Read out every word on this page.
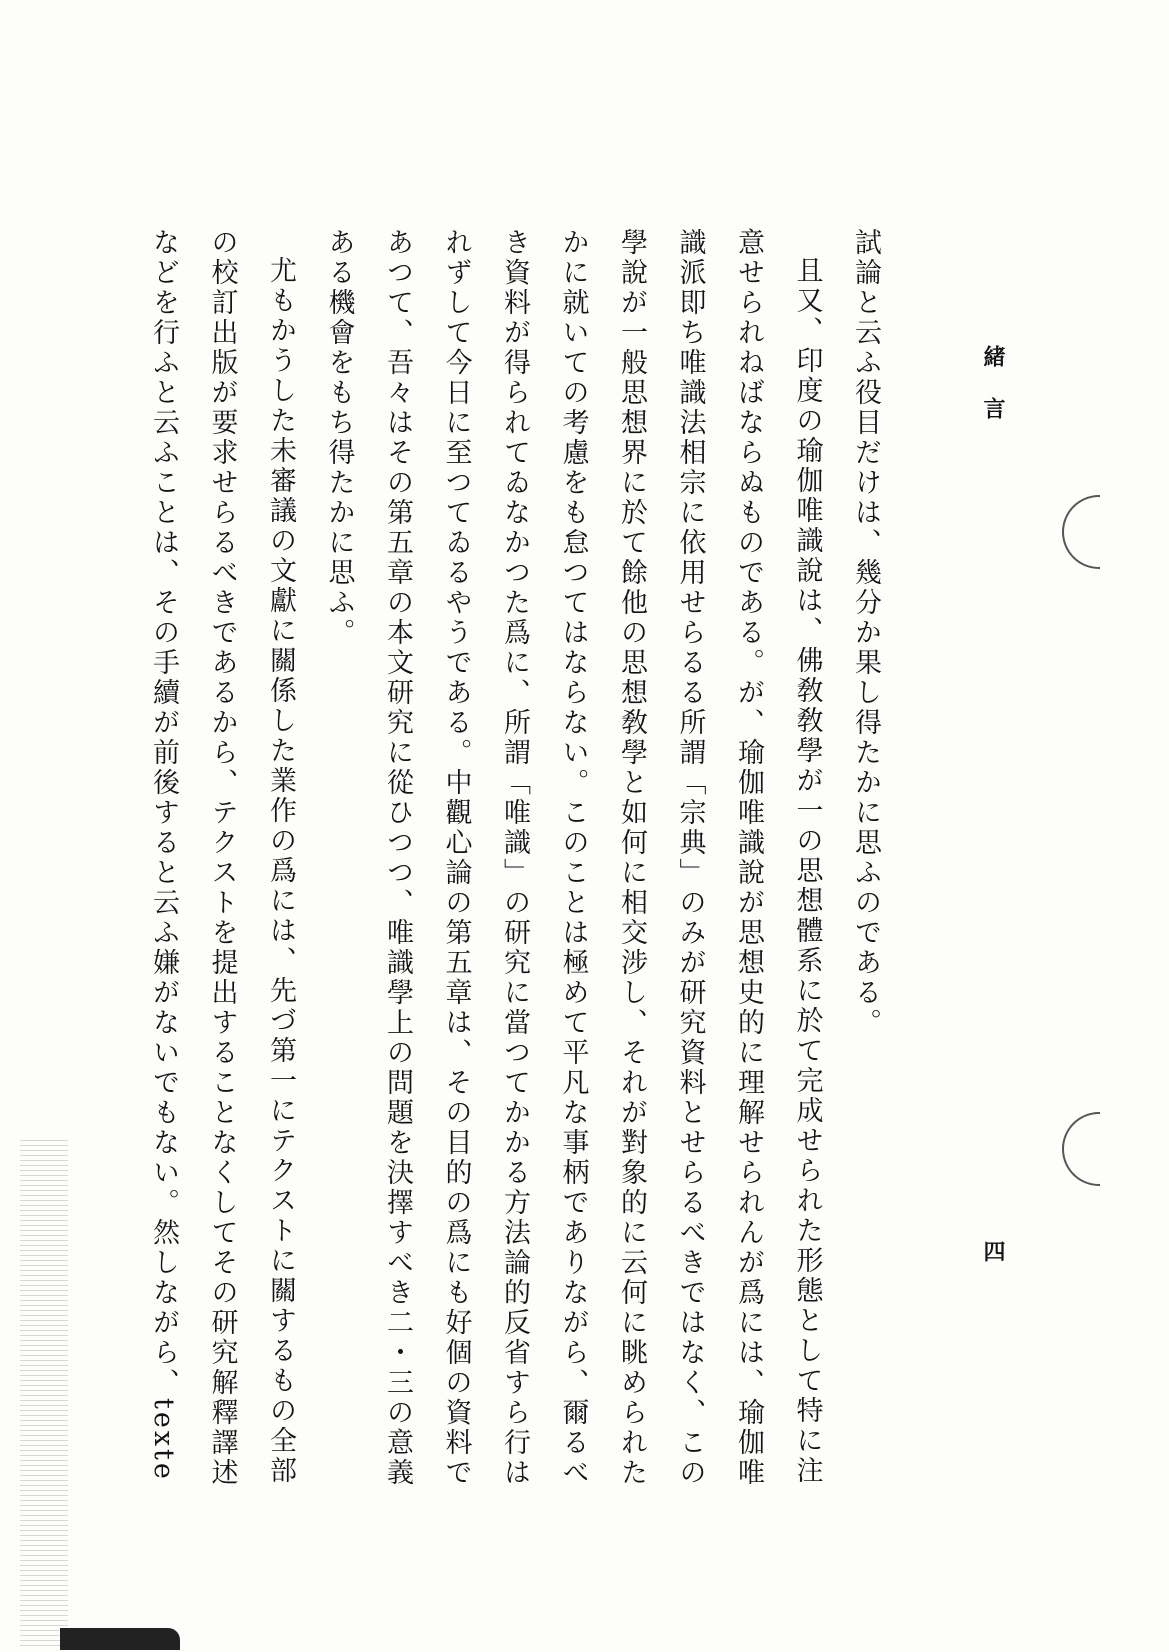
緒言
四
試論と云ふ役目だけは、幾分か果し得たかに思ふのである。
且又、印度の瑜伽唯識說は、佛敎敎學が一の思想體系に於て完成せられた形態として特に注
意せられねばならぬものである。が、瑜伽唯識說が思想史的に理解せられんが爲には、瑜伽唯
識派即ち唯識法相宗に依用せらるる所謂「宗典」のみが研究資料とせらるべきではなく、この
學說が一般思想界に於て餘他の思想敎學と如何に相交涉し、それが對象的に云何に眺められた
かに就いての考慮をも怠つてはならない。このことは極めて平凡な事柄でありながら、爾るべ
き資料が得られてゐなかつた爲に、所謂「唯識」の研究に當つてかかる方法論的反省すら行は
れずして今日に至つてゐるやうである。中觀心論の第五章は、その目的の爲にも好個の資料で
あつて、吾々はその第五章の本文研究に從ひつつ、唯識學上の問題を決擇すべき二・三の意義
ある機會をもち得たかに思ふ。
尤もかうした未審議の文獻に關係した業作の爲には、先づ第一にテクストに關するもの全部
の校訂出版が要求せらるべきであるから、テクストを提出することなくしてその研究解釋譯述
などを行ふと云ふことは、その手續が前後すると云ふ嫌がないでもない。然しながら、texte
